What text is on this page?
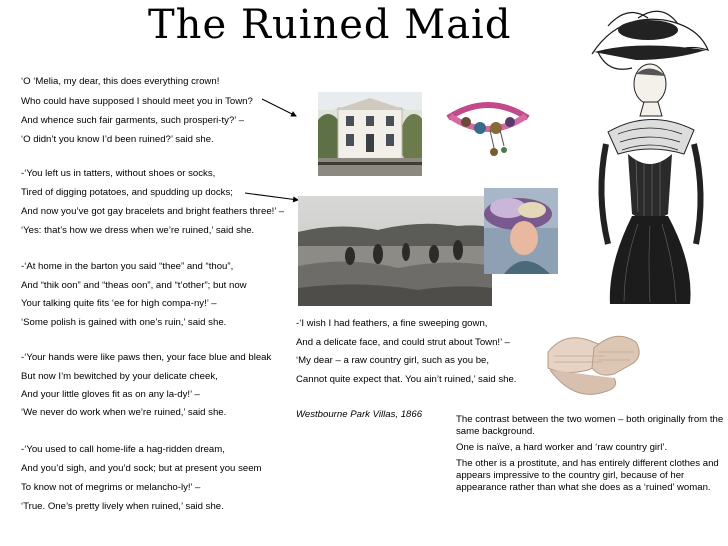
The Ruined Maid
‘O ‘Melia, my dear, this does everything crown!
Who could have supposed I should meet you in Town?
And whence such fair garments, such prosperi-ty?’ –
‘O didn’t you know I’d been ruined?’ said she.
-‘You left us in tatters, without shoes or socks,
Tired of digging potatoes, and spudding up docks;
And now you’ve got gay bracelets and bright feathers three!’ –
‘Yes: that’s how we dress when we’re ruined,’ said she.
-‘At home in the barton you said “thee” and “thou”,
And “thik oon” and “theas oon”, and “t’other”; but now
Your talking quite fits ‘ee for high compa-ny!’ –
‘Some polish is gained with one’s ruin,’ said she.
-‘Your hands were like paws then, your face blue and bleak
But now I’m bewitched by your delicate cheek,
And your little gloves fit as on any la-dy!’ –
‘We never do work when we’re ruined,’ said she.
-‘You used to call home-life a hag-ridden dream,
And you’d sigh, and you’d sock; but at present you seem
To know not of megrims or melancho-ly!’ –
‘True. One’s pretty lively when ruined,’ said she.
-‘I wish I had feathers, a fine sweeping gown,
And a delicate face, and could strut about Town!’ –
‘My dear – a raw country girl, such as you be,
Cannot quite expect that. You ain’t ruined,’ said she.
Westbourne Park Villas, 1866	The contrast between the two women – both originally from the same background.

One is naïve, a hard worker and ‘raw country girl’.

The other is a prostitute, and has entirely different clothes and appears impressive to the country girl, because of her appearance rather than what she does as a ‘ruined’ woman.
